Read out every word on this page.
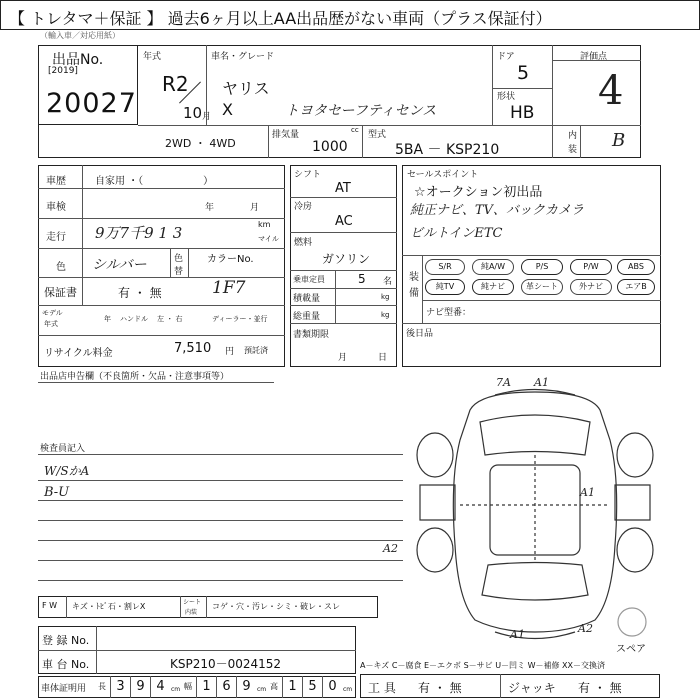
【 トレタマ＋保証 】 過去6ヶ月以上AA出品歴がない車両（プラス保証付）
（輸入車／対応用紙）
出品No.
[2019]
20027
年式
R2
10 月
車名・グレード
ヤリス
X	トヨタセーフティセンス
ドア
5
形状
HB
評価点
4
内
装 B
2WD ・ 4WD
排気量	cc
1000
型式
5BA － KSP210
車歴	自家用 ・（　　　　　　）
車検	年	月
走行 9万7千9 1 3	km
マイル
色 シルバー	色
替
カラーNo.
保証書	有 ・ 無	1F7
モデル
年式
年 ハンドル 左 ・ 右	ディーラー・並行
リサイクル料金	7,510 円 預託済
シフト
AT
冷房
AC
燃料
ガソリン
乗車定員	5 名
積載量	kg
総重量	kg
書類期限
月	日
セールスポイント
☆オークション初出品
純正ナビ、TV、バックカメラ
ビルトインETC
装
備
S/R	純A/W	P/S	P/W	ABS
純TV	純ナビ	革シート	外ナビ	エアB
ナビ型番：
後日品
出品店申告欄（不良箇所・欠品・注意事項等）
検査員記入
W/SかA
B-U
F W キズ・ﾄﾋﾞ石・割レX	シート
内装
コゲ・穴・汚レ・シミ・破レ・スレ
登 録 No.
車 台 No.	KSP210－0024152
車体証明用 長 3 9 4	cm 幅 1 6 9	cm 高 1 5 0	cm
A－キズ C－腐食 E－エクボ S－サビ U－凹ミ W－補修 XX－交換済
工 具 有 ・ 無	ジャッキ 有 ・ 無
7A A1
A2
A1
A2
A1
スペア
